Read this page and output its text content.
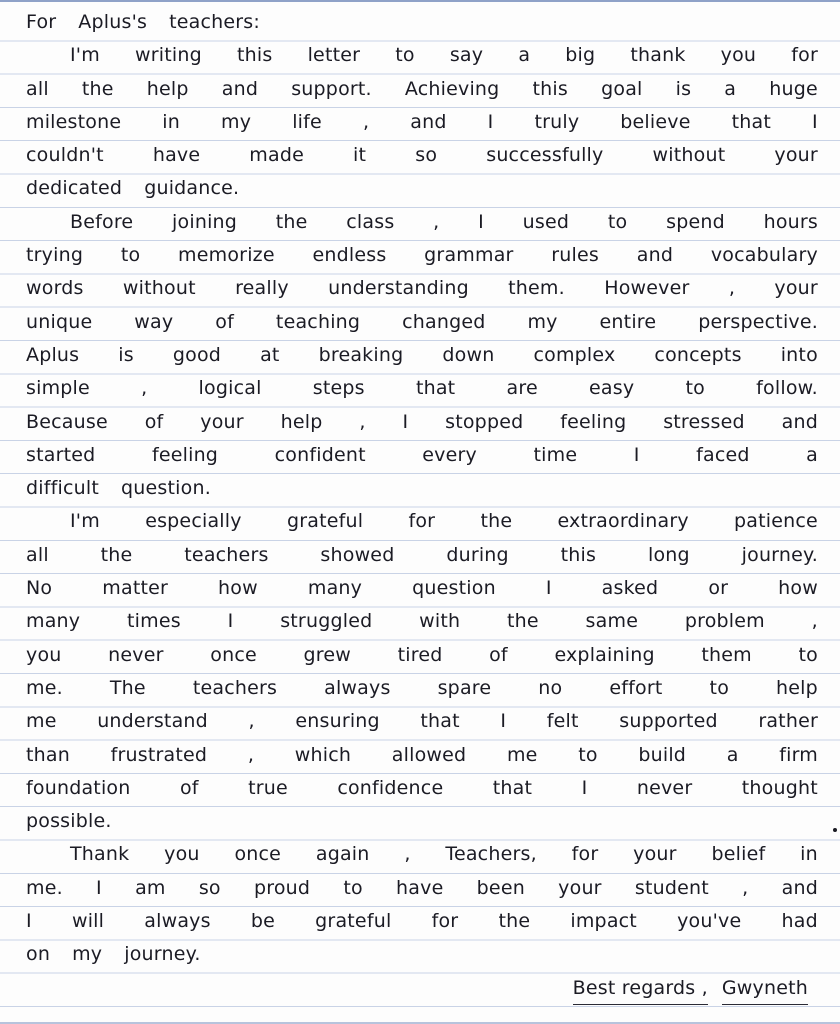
For Aplus's teachers:
I'm writing this letter to say a big thank you for
all the help and support. Achieving this goal is a huge
milestone in my life , and I truly believe that I
couldn't	have	made	it	so	successfully	without	your
dedicated guidance.
Before joining the class , I used to spend hours
trying to memorize endless grammar rules and vocabulary
words without really understanding them. However , your
unique way of teaching changed my entire perspective.
Aplus is good at breaking down complex concepts into
simple	,	logical	steps	that	are	easy	to	follow.
Because of your help , I stopped feeling stressed and
started	feeling	confident	every	time	I	faced	a
difficult question.
I'm especially grateful for the extraordinary patience
all	the	teachers	showed	during	this	long	journey.
No	matter	how	many	question	I	asked	or	how
many times I struggled with the same problem ,
you never once grew tired of explaining them to
me. The teachers always spare no effort to help
me understand , ensuring that I felt supported rather
than frustrated , which allowed me to build a firm
foundation	of	true	confidence	that	I	never	thought
possible.
Thank you once again , Teachers, for your belief in
me. I am so proud to have been your student , and
I will always be grateful for the impact you've had
on my journey.
Best regards , Gwyneth
